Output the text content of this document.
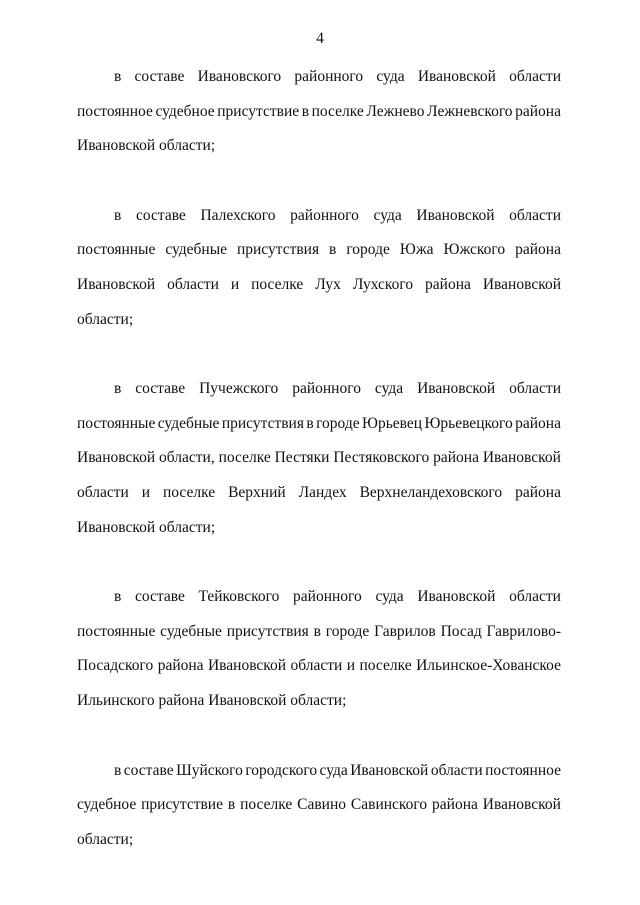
4
в составе Ивановского районного суда Ивановской области
постоянное судебное присутствие в поселке Лежнево Лежневского района
Ивановской области;
в составе Палехского районного суда Ивановской области
постоянные судебные присутствия в городе Южа Южского района
Ивановской области и поселке Лух Лухского района Ивановской
области;
в составе Пучежского районного суда Ивановской области
постоянные судебные присутствия в городе Юрьевец Юрьевецкого района
Ивановской области, поселке Пестяки Пестяковского района Ивановской
области и поселке Верхний Ландех Верхнеландеховского района
Ивановской области;
в составе Тейковского районного суда Ивановской области
постоянные судебные присутствия в городе Гаврилов Посад Гаврилово-
Посадского района Ивановской области и поселке Ильинское-Хованское
Ильинского района Ивановской области;
в составе Шуйского городского суда Ивановской области постоянное
судебное присутствие в поселке Савино Савинского района Ивановской
области;
